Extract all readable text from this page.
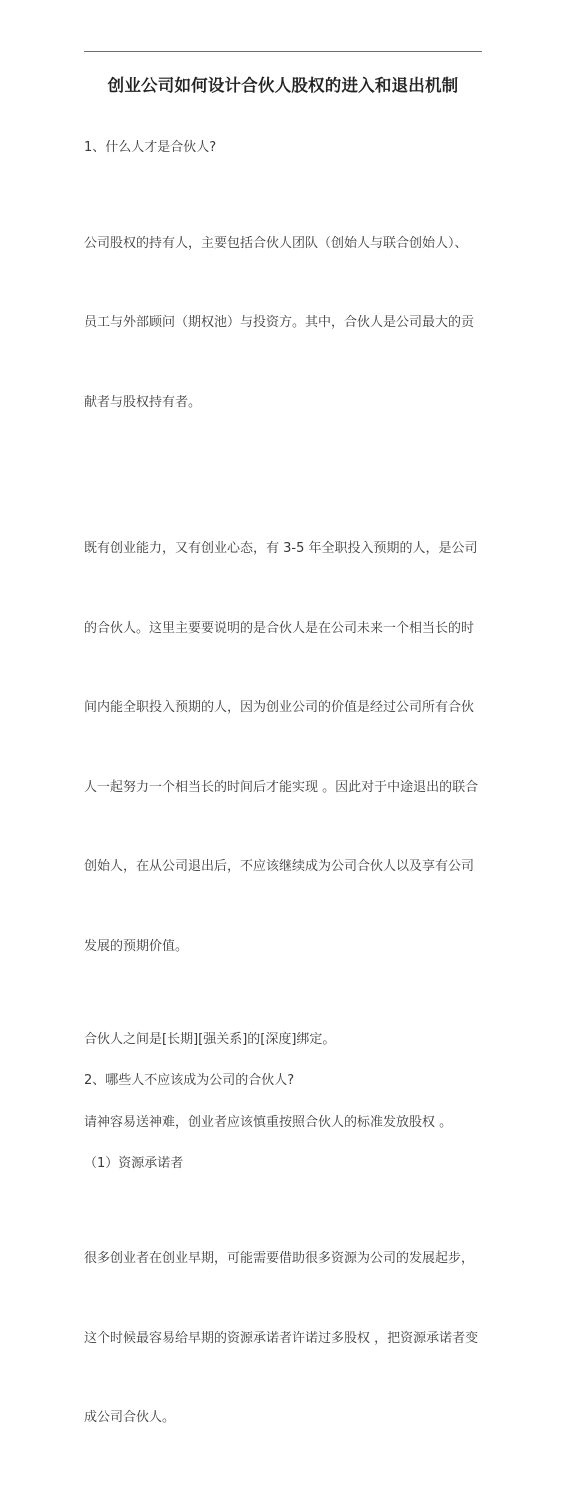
创业公司如何设计合伙人股权的进入和退出机制

1、什么人才是合伙人?

公司股权的持有人，主要包括合伙人团队（创始人与联合创始人）、

员工与外部顾问（期权池）与投资方。其中，合伙人是公司最大的贡

献者与股权持有者。

既有创业能力，又有创业心态，有 3-5 年全职投入预期的人，是公司

的合伙人。这里主要要说明的是合伙人是在公司未来一个相当长的时

间内能全职投入预期的人，因为创业公司的价值是经过公司所有合伙

人一起努力一个相当长的时间后才能实现 。因此对于中途退出的联合

创始人，在从公司退出后，不应该继续成为公司合伙人以及享有公司

发展的预期价值。

合伙人之间是[长期][强关系]的[深度]绑定。

2、哪些人不应该成为公司的合伙人?

请神容易送神难，创业者应该慎重按照合伙人的标准发放股权 。

（1）资源承诺者

很多创业者在创业早期，可能需要借助很多资源为公司的发展起步，

这个时候最容易给早期的资源承诺者许诺过多股权 ，把资源承诺者变

成公司合伙人。
